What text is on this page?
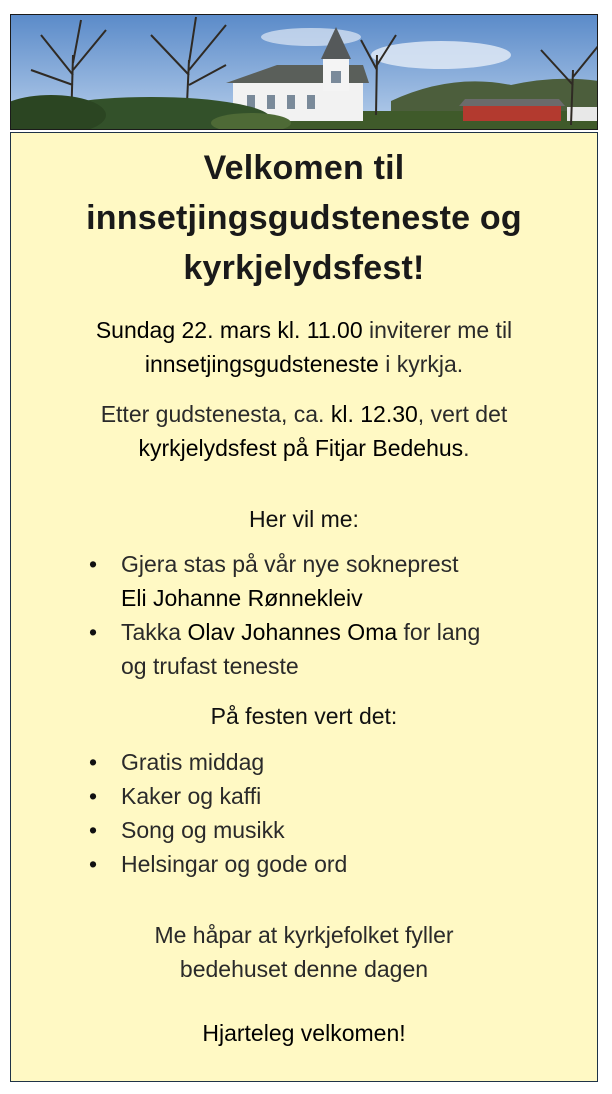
Velkomen til innsetjingsgudsteneste og kyrkjelydsfest!
Sundag 22. mars kl. 11.00 inviterer me til
innsetjingsgudsteneste i kyrkja.
Etter gudstenesta, ca. kl. 12.30, vert det
kyrkjelydsfest på Fitjar Bedehus.
Her vil me:
• Gjera stas på vår nye sokneprest
Eli Johanne Rønnekleiv
• Takka Olav Johannes Oma for lang
og trufast teneste
På festen vert det:
• Gratis middag
• Kaker og kaffi
• Song og musikk
• Helsingar og gode ord
Me håpar at kyrkjefolket fyller
bedehuset denne dagen
Hjarteleg velkomen!
